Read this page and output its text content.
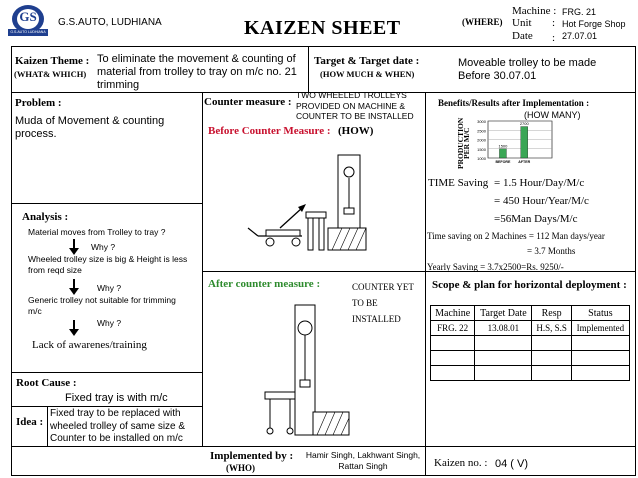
GS
G.S.AUTO LUDHIANA
G.S.AUTO, LUDHIANA	KAIZEN SHEET	(WHERE)
Machine : FRG. 21
Unit : Hot Forge Shop
Date : 27.07.01
Kaizen Theme :
(WHAT& WHICH)
To eliminate the movement & counting of material from trolley to tray on m/c no. 21 trimming
Target & Target date :
(HOW MUCH & WHEN)
Moveable trolley to be made Before 30.07.01
Problem :
Muda of Movement & counting process.
Counter measure :
TWO WHEELED TROLLEYS PROVIDED ON MACHINE & COUNTER TO BE INSTALLED
Before Counter Measure : (HOW)
Benefits/Results after Implementation :
(HOW MANY)
PRODUCTION PER M/C
3000
2500
2000
1500
1000
1500
BEFORE
2700
AFTER
TIME Saving = 1.5 Hour/Day/M/c
= 450 Hour/Year/M/c
=56Man Days/M/c
Time saving on 2 Machines = 112 Man days/year
= 3.7 Months
Yearly Saving = 3.7x2500=Rs. 9250/-
Analysis :
Material moves from Trolley to tray ?
Why ?
Wheeled trolley size is big & Height is less from reqd size
Why ?
Generic trolley not suitable for trimming m/c
Why ?
Lack of awarenes/training
After counter measure :	COUNTER YET TO BE INSTALLED
Scope & plan for horizontal deployment :
Machine	Target Date	Resp	Status
FRG. 22	13.08.01	H.S, S.S	Implemented

Root Cause :
Fixed tray is with m/c
Idea :
Fixed tray to be replaced with wheeled trolley of same size & Counter to be installed on m/c
Implemented by :
(WHO)
Hamir Singh, Lakhwant Singh, Rattan Singh	Kaizen no. : 04 ( V)
